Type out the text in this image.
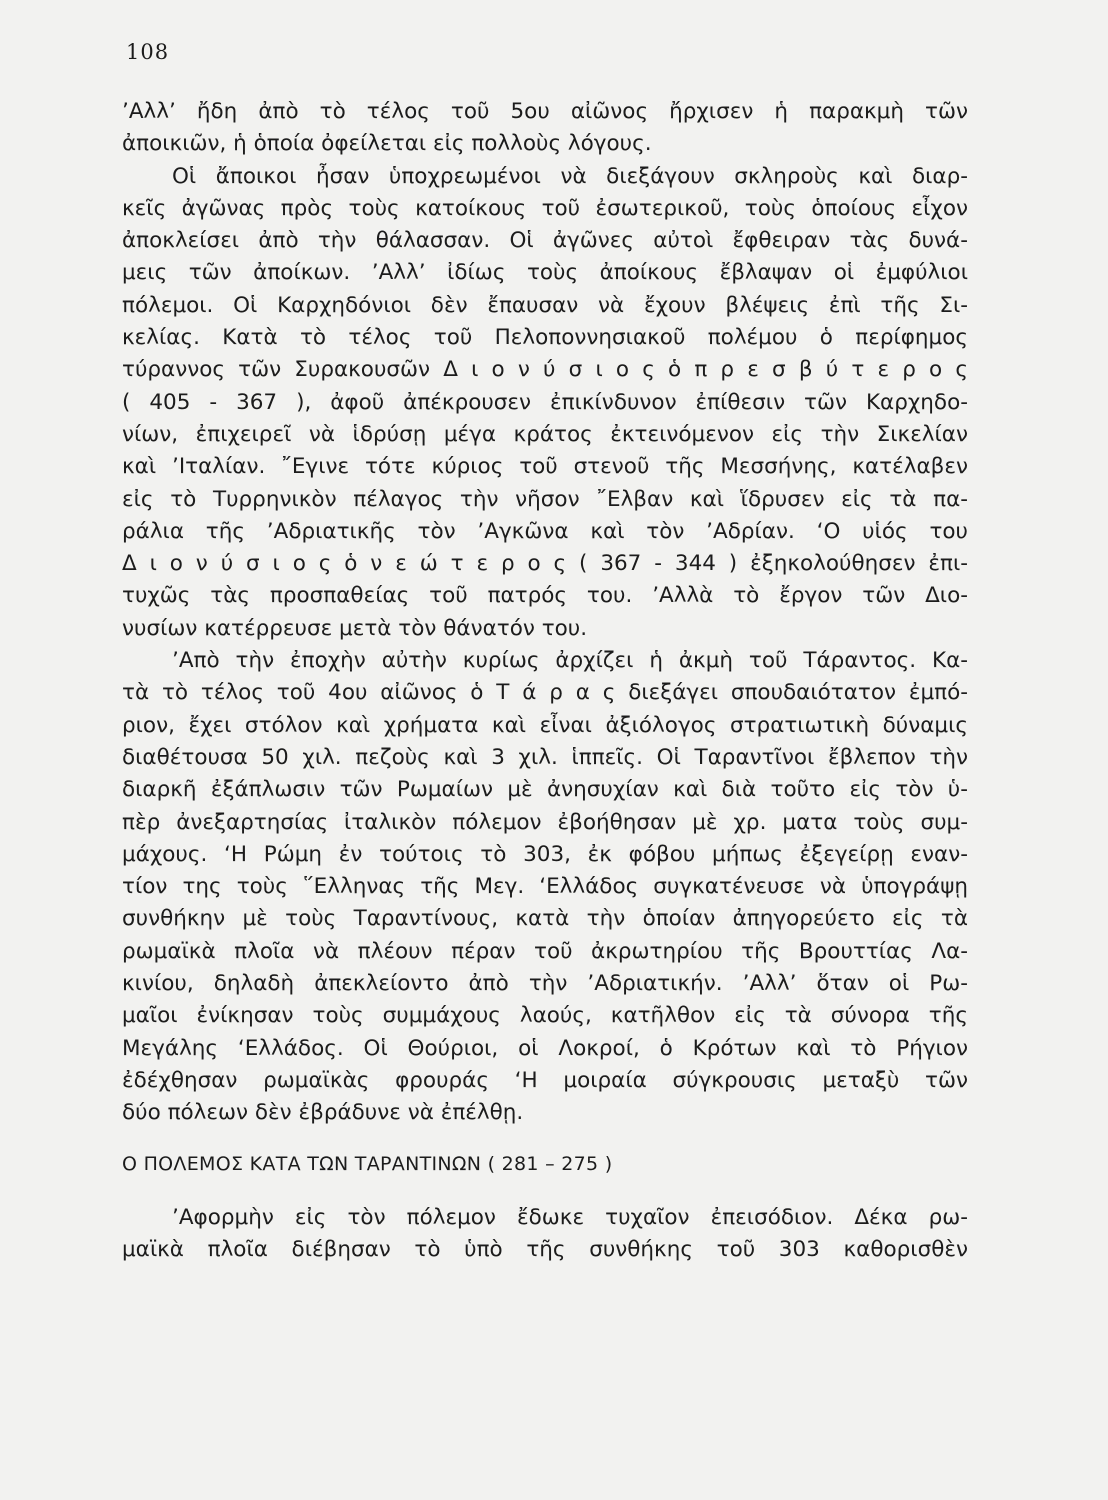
108
’Αλλ’ ἤδη ἀπὸ τὸ τέλος τοῦ 5ου αἰῶνος ἤρχισεν ἡ παρακμὴ τῶν
ἀποικιῶν, ἡ ὁποία ὀφείλεται εἰς πολλοὺς λόγους.
Οἱ ἄποικοι ἦσαν ὑποχρεωμένοι νὰ διεξάγουν σκληροὺς καὶ διαρ-
κεῖς ἀγῶνας πρὸς τοὺς κατοίκους τοῦ ἐσωτερικοῦ, τοὺς ὁποίους εἶχον
ἀποκλείσει ἀπὸ τὴν θάλασσαν. Οἱ ἀγῶνες αὐτοὶ ἔφθειραν τὰς δυνά-
μεις τῶν ἀποίκων. ’Αλλ’ ἰδίως τοὺς ἀποίκους ἔβλαψαν οἱ ἐμφύλιοι
πόλεμοι. Οἱ Καρχηδόνιοι δὲν ἔπαυσαν νὰ ἔχουν βλέψεις ἐπὶ τῆς Σι-
κελίας. Κατὰ τὸ τέλος τοῦ Πελοποννησιακοῦ πολέμου ὁ περίφημος
τύραννος τῶν Συρακουσῶν Δ ι ο ν ύ σ ι ο ς ὁ π ρ ε σ β ύ τ ε ρ ο ς
( 405 - 367 ), ἀφοῦ ἀπέκρουσεν ἐπικίνδυνον ἐπίθεσιν τῶν Καρχηδο-
νίων, ἐπιχειρεῖ νὰ ἱδρύσῃ μέγα κράτος ἐκτεινόμενον εἰς τὴν Σικελίαν
καὶ ’Ιταλίαν. ῎Εγινε τότε κύριος τοῦ στενοῦ τῆς Μεσσήνης, κατέλαβεν
εἰς τὸ Τυρρηνικὸν πέλαγος τὴν νῆσον ῎Ελβαν καὶ ἵδρυσεν εἰς τὰ πα-
ράλια τῆς ’Αδριατικῆς τὸν ’Αγκῶνα καὶ τὸν ’Αδρίαν. ‘Ο υἱός του
Δ ι ο ν ύ σ ι ο ς ὁ ν ε ώ τ ε ρ ο ς ( 367 - 344 ) ἐξηκολούθησεν ἐπι-
τυχῶς τὰς προσπαθείας τοῦ πατρός του. ’Αλλὰ τὸ ἔργον τῶν Διο-
νυσίων κατέρρευσε μετὰ τὸν θάνατόν του.
’Απὸ τὴν ἐποχὴν αὐτὴν κυρίως ἀρχίζει ἡ ἀκμὴ τοῦ Τάραντος. Κα-
τὰ τὸ τέλος τοῦ 4ου αἰῶνος ὁ Τ ά ρ α ς διεξάγει σπουδαιότατον ἐμπό-
ριον, ἔχει στόλον καὶ χρήματα καὶ εἶναι ἀξιόλογος στρατιωτικὴ δύναμις
διαθέτουσα 50 χιλ. πεζοὺς καὶ 3 χιλ. ἱππεῖς. Οἱ Ταραντῖνοι ἔβλεπον τὴν
διαρκῆ ἐξάπλωσιν τῶν Ρωμαίων μὲ ἀνησυχίαν καὶ διὰ τοῦτο εἰς τὸν ὑ-
πὲρ ἀνεξαρτησίας ἰταλικὸν πόλεμον ἐβοήθησαν μὲ χρ. ματα τοὺς συμ-
μάχους. ‘Η Ρώμη ἐν τούτοις τὸ 303, ἐκ φόβου μήπως ἐξεγείρῃ εναν-
τίον της τοὺς ῞Ελληνας τῆς Μεγ. ‘Ελλάδος συγκατένευσε νὰ ὑπογράψῃ
συνθήκην μὲ τοὺς Ταραντίνους, κατὰ τὴν ὁποίαν ἀπηγορεύετο εἰς τὰ
ρωμαϊκὰ πλοῖα νὰ πλέουν πέραν τοῦ ἀκρωτηρίου τῆς Βρουττίας Λα-
κινίου, δηλαδὴ ἀπεκλείοντο ἀπὸ τὴν ’Αδριατικήν. ’Αλλ’ ὅταν οἱ Ρω-
μαῖοι ἐνίκησαν τοὺς συμμάχους λαούς, κατῆλθον εἰς τὰ σύνορα τῆς
Μεγάλης ‘Ελλάδος. Οἱ Θούριοι, οἱ Λοκροί, ὁ Κρότων καὶ τὸ Ρήγιον
ἐδέχθησαν ρωμαϊκὰς φρουράς ‘Η μοιραία σύγκρουσις μεταξὺ τῶν
δύο πόλεων δὲν ἐβράδυνε νὰ ἐπέλθῃ.
Ο ΠΟΛΕΜΟΣ ΚΑΤΑ ΤΩΝ ΤΑΡΑΝΤΙΝΩΝ ( 281 – 275 )
’Αφορμὴν εἰς τὸν πόλεμον ἔδωκε τυχαῖον ἐπεισόδιον. Δέκα ρω-
μαϊκὰ πλοῖα διέβησαν τὸ ὑπὸ τῆς συνθήκης τοῦ 303 καθορισθὲν
